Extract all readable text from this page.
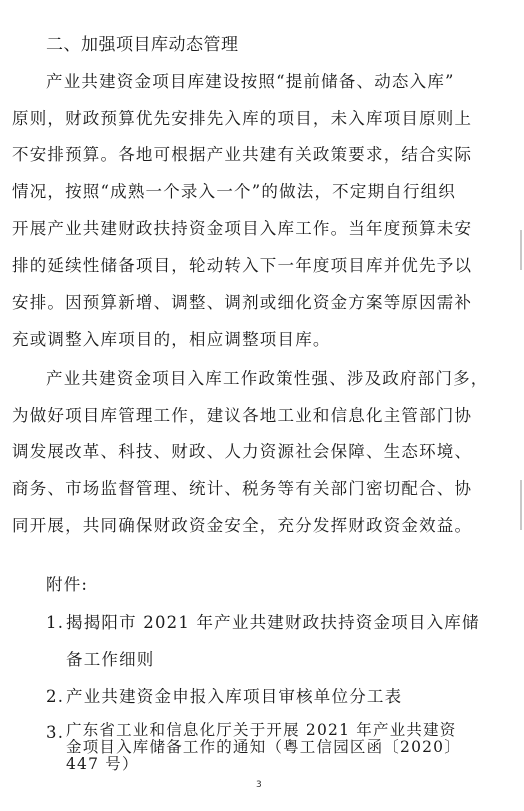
二、加强项目库动态管理
产业共建资金项目库建设按照“提前储备、动态入库”
原则，财政预算优先安排先入库的项目，未入库项目原则上
不安排预算。各地可根据产业共建有关政策要求，结合实际
情况，按照“成熟一个录入一个”的做法，不定期自行组织
开展产业共建财政扶持资金项目入库工作。当年度预算未安
排的延续性储备项目，轮动转入下一年度项目库并优先予以
安排。因预算新增、调整、调剂或细化资金方案等原因需补
充或调整入库项目的，相应调整项目库。
产业共建资金项目入库工作政策性强、涉及政府部门多，
为做好项目库管理工作，建议各地工业和信息化主管部门协
调发展改革、科技、财政、人力资源社会保障、生态环境、
商务、市场监督管理、统计、税务等有关部门密切配合、协
同开展，共同确保财政资金安全，充分发挥财政资金效益。
附件:
1. 揭揭阳市 2021 年产业共建财政扶持资金项目入库储
备工作细则
2. 产业共建资金申报入库项目审核单位分工表
3. 广东省工业和信息化厅关于开展 2021 年产业共建资
金项目入库储备工作的通知（粤工信园区函〔2020〕
3
447 号）
